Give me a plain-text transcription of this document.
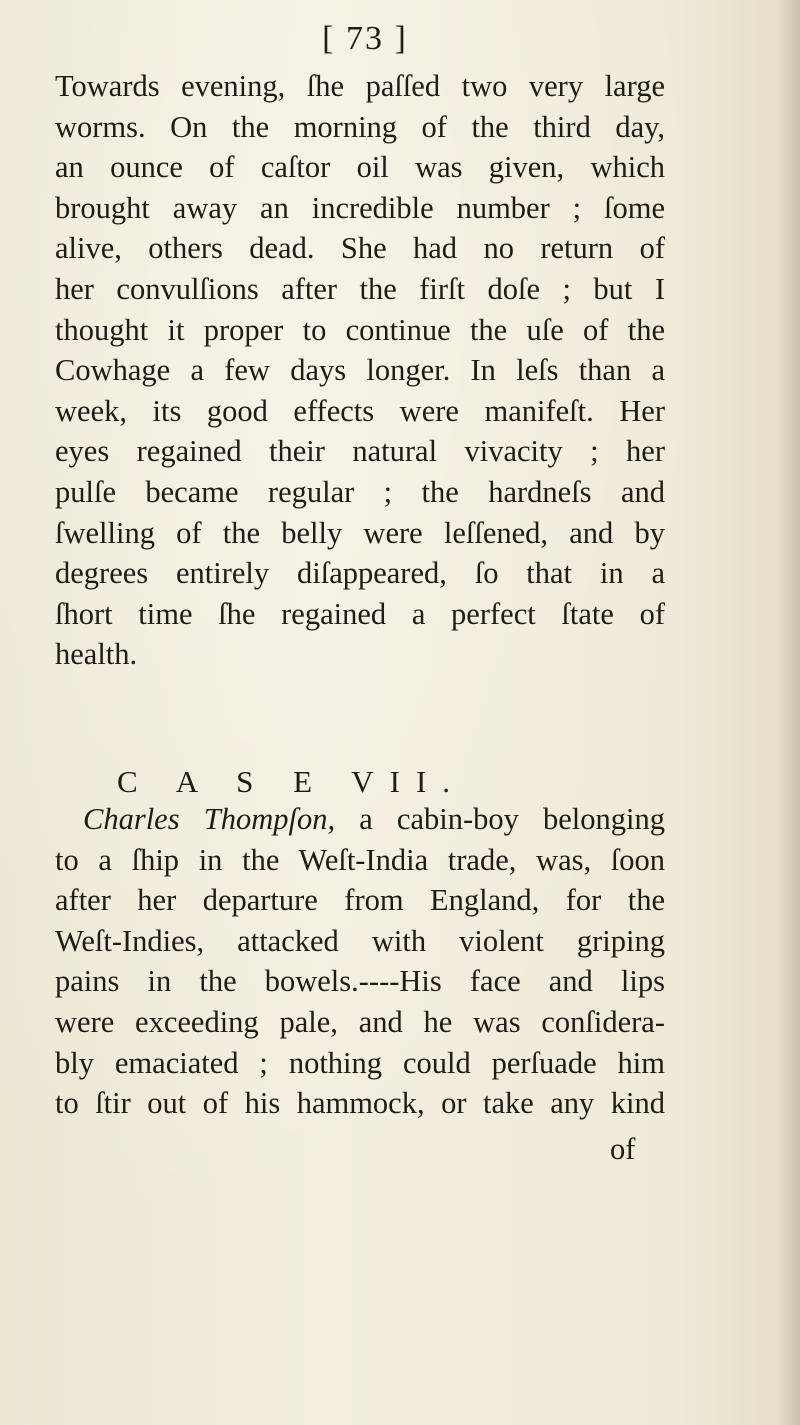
[ 73 ]
Towards evening, ſhe paſſed two very large
worms. On the morning of the third day,
an ounce of caſtor oil was given, which
brought away an incredible number ; ſome
alive, others dead. She had no return of
her convulſions after the firſt doſe ; but I
thought it proper to continue the uſe of the
Cowhage a few days longer. In leſs than a
week, its good effects were manifeſt. Her
eyes regained their natural vivacity ; her
pulſe became regular ; the hardneſs and
ſwelling of the belly were leſſened, and by
degrees entirely diſappeared, ſo that in a
ſhort time ſhe regained a perfect ſtate of
health.
C A S E VII.
Charles Thompſon, a cabin-boy belonging
to a ſhip in the Weſt-India trade, was, ſoon
after her departure from England, for the
Weſt-Indies, attacked with violent griping
pains in the bowels.----His face and lips
were exceeding pale, and he was conſidera-
bly emaciated ; nothing could perſuade him
to ſtir out of his hammock, or take any kind
of
